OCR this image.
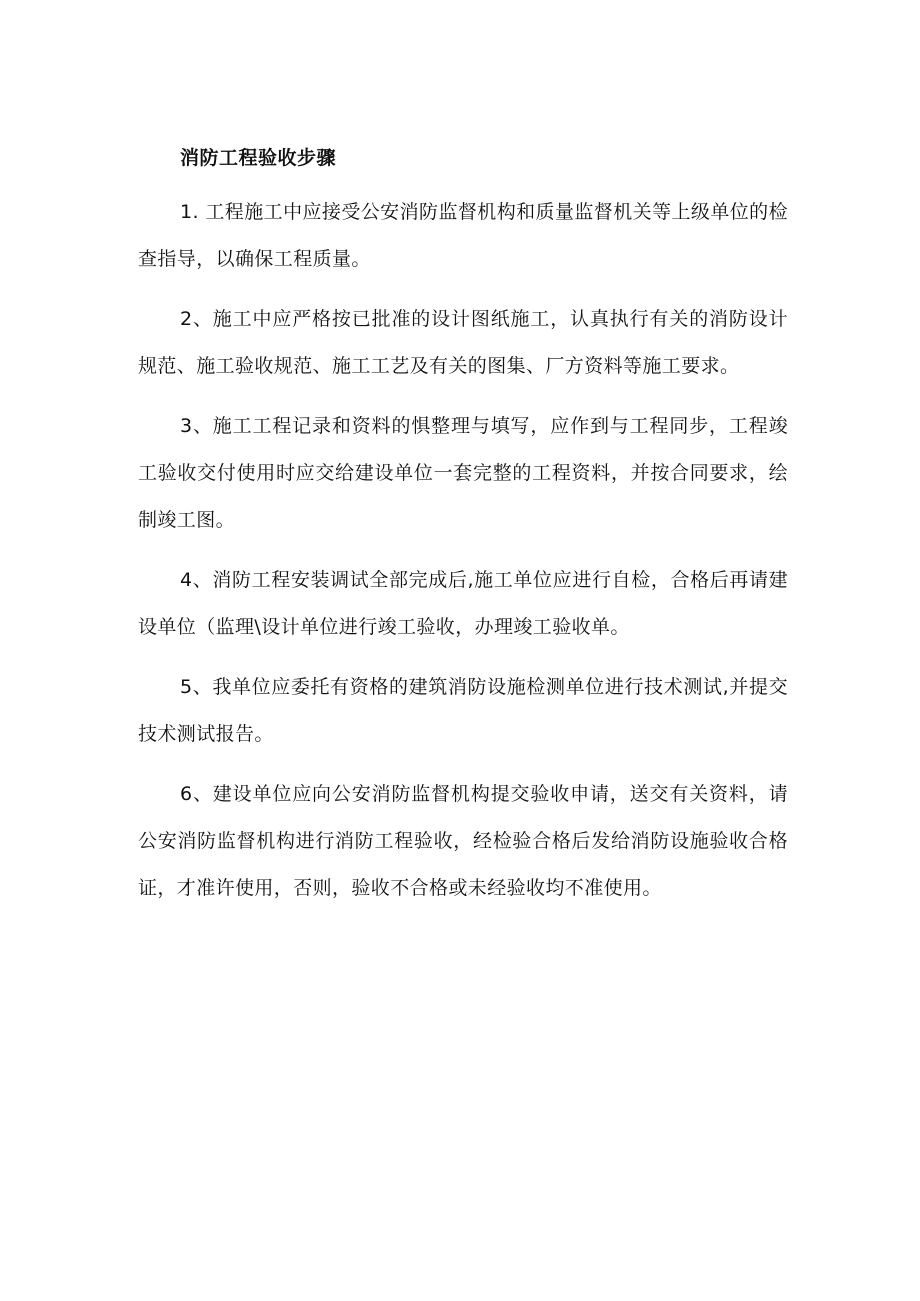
消防工程验收步骤

1. 工程施工中应接受公安消防监督机构和质量监督机关等上级单位的检查指导，以确保工程质量。

2、施工中应严格按已批准的设计图纸施工，认真执行有关的消防设计规范、施工验收规范、施工工艺及有关的图集、厂方资料等施工要求。

3、施工工程记录和资料的惧整理与填写，应作到与工程同步，工程竣工验收交付使用时应交给建设单位一套完整的工程资料，并按合同要求，绘制竣工图。

4、消防工程安装调试全部完成后,施工单位应进行自检，合格后再请建设单位（监理\设计单位进行竣工验收，办理竣工验收单。

5、我单位应委托有资格的建筑消防设施检测单位进行技术测试,并提交技术测试报告。

6、建设单位应向公安消防监督机构提交验收申请，送交有关资料，请公安消防监督机构进行消防工程验收，经检验合格后发给消防设施验收合格证，才准许使用，否则，验收不合格或未经验收均不准使用。
